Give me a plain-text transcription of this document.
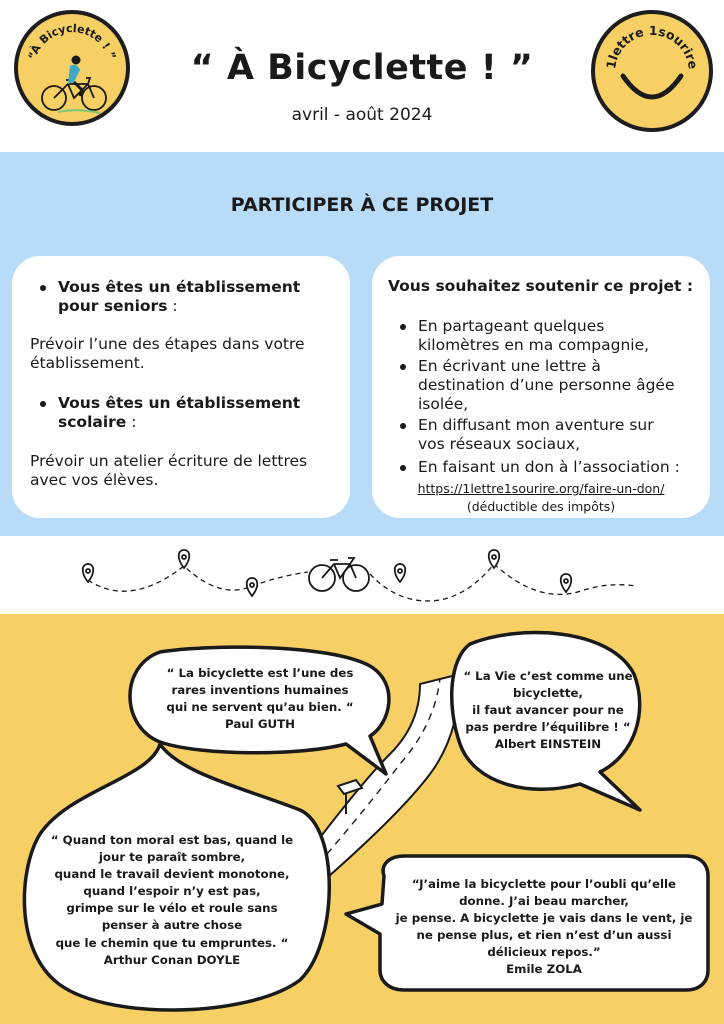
“À Bicyclette ! ”	“ À Bicyclette ! ”
avril - août 2024
1lettre 1sourire
PARTICIPER À CE PROJET
Vous êtes un établissement
pour seniors :
Prévoir l’une des étapes dans votre
établissement.
Vous êtes un établissement
scolaire :
Prévoir un atelier écriture de lettres
avec vos élèves.
Vous souhaitez soutenir ce projet :
En partageant quelques
kilomètres en ma compagnie,
En écrivant une lettre à
destination d’une personne âgée
isolée,
En diffusant mon aventure sur
vos réseaux sociaux,
En faisant un don à l’association :
https://1lettre1sourire.org/faire-un-don/
(déductible des impôts)
“ La bicyclette est l’une des
rares inventions humaines
qui ne servent qu’au bien. “
Paul GUTH
“ La Vie c’est comme une
bicyclette,
il faut avancer pour ne
pas perdre l’équilibre ! “
Albert EINSTEIN
“ Quand ton moral est bas, quand le
jour te paraît sombre,
quand le travail devient monotone,
quand l’espoir n’y est pas,
grimpe sur le vélo et roule sans
penser à autre chose
que le chemin que tu empruntes. “
Arthur Conan DOYLE
“J’aime la bicyclette pour l’oubli qu’elle
donne. J’ai beau marcher,
je pense. A bicyclette je vais dans le vent, je
ne pense plus, et rien n’est d’un aussi
délicieux repos.”
Emile ZOLA
